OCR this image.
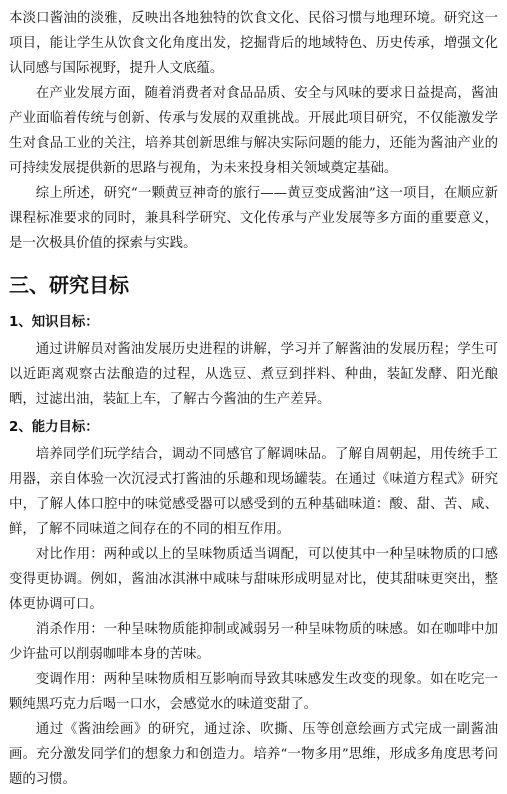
本淡口酱油的淡雅，反映出各地独特的饮食文化、民俗习惯与地理环境。研究这一项目，能让学生从饮食文化角度出发，挖掘背后的地域特色、历史传承，增强文化认同感与国际视野，提升人文底蕴。

在产业发展方面，随着消费者对食品品质、安全与风味的要求日益提高，酱油产业面临着传统与创新、传承与发展的双重挑战。开展此项目研究，不仅能激发学生对食品工业的关注，培养其创新思维与解决实际问题的能力，还能为酱油产业的可持续发展提供新的思路与视角，为未来投身相关领域奠定基础。

综上所述，研究“一颗黄豆神奇的旅行——黄豆变成酱油”这一项目，在顺应新课程标准要求的同时，兼具科学研究、文化传承与产业发展等多方面的重要意义，是一次极具价值的探索与实践。

三、研究目标
1、知识目标：

通过讲解员对酱油发展历史进程的讲解，学习并了解酱油的发展历程；学生可以近距离观察古法酿造的过程，从选豆、煮豆到拌料、种曲，装缸发酵、阳光酿晒，过滤出油，装缸上车，了解古今酱油的生产差异。

2、能力目标：

培养同学们玩学结合，调动不同感官了解调味品。了解自周朝起，用传统手工用器，亲自体验一次沉浸式打酱油的乐趣和现场罐装。在通过《味道方程式》研究中，了解人体口腔中的味觉感受器可以感受到的五种基础味道：酸、甜、苦、咸、鲜，了解不同味道之间存在的不同的相互作用。

对比作用：两种或以上的呈味物质适当调配，可以使其中一种呈味物质的口感变得更协调。例如，酱油冰淇淋中咸味与甜味形成明显对比，使其甜味更突出，整体更协调可口。

消杀作用：一种呈味物质能抑制或减弱另一种呈味物质的味感。如在咖啡中加少许盐可以削弱咖啡本身的苦味。

变调作用：两种呈味物质相互影响而导致其味感发生改变的现象。如在吃完一颗纯黑巧克力后喝一口水，会感觉水的味道变甜了。

通过《酱油绘画》的研究，通过涂、吹撕、压等创意绘画方式完成一副酱油画。充分激发同学们的想象力和创造力。培养“一物多用”思维，形成多角度思考问题的习惯。
